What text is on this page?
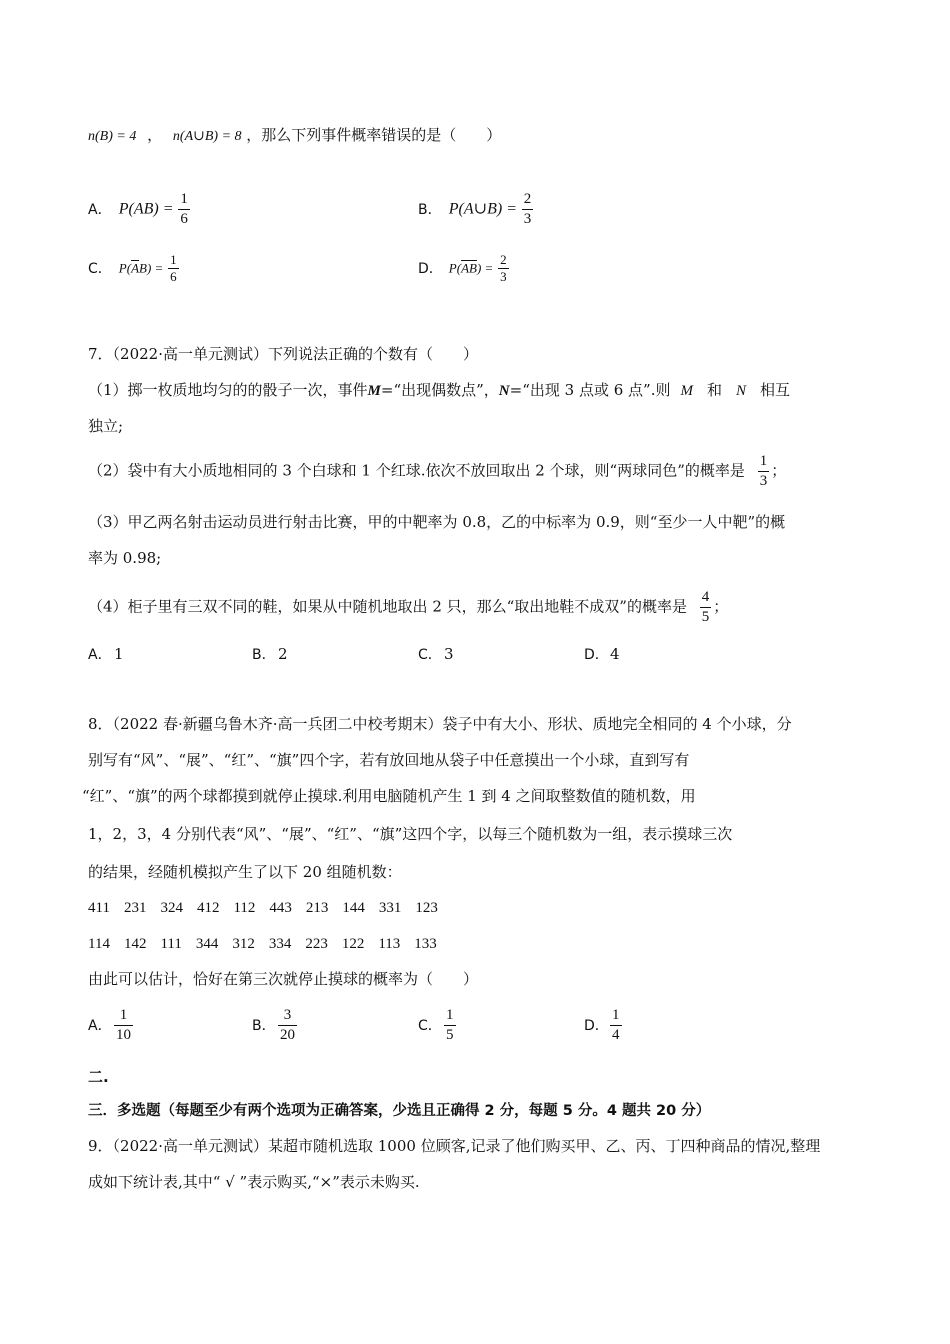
n(B) = 4 ， n(A∪B) = 8 ，那么下列事件概率错误的是（　　）
A． $P(AB) = \frac{1}{6}$	B． P(A∪B) = $\frac{2}{3}$
C． $P(\overline{A}B) = \frac{1}{6}$	D． $P(\overline{AB}) = \frac{2}{3}$
7．（2022·高一单元测试）下列说法正确的个数有（　　）
（1）掷一枚质地均匀的的骰子一次，事件M=“出现偶数点”，N=“出现 3 点或 6 点”.则 M 和 N 相互
独立;
（2）袋中有大小质地相同的 3 个白球和 1 个红球.依次不放回取出 2 个球，则“两球同色”的概率是 $\frac{1}{3}$ ；
（3）甲乙两名射击运动员进行射击比赛，甲的中靶率为 0.8，乙的中标率为 0.9，则“至少一人中靶”的概
率为 0.98;
（4）柜子里有三双不同的鞋，如果从中随机地取出 2 只，那么“取出地鞋不成双”的概率是 $\frac{4}{5}$ ；
A． 1	B． 2	C． 3	D．4
8．（2022 春·新疆乌鲁木齐·高一兵团二中校考期末）袋子中有大小、形状、质地完全相同的 4 个小球，分
别写有“风”、“展”、“红”、“旗”四个字，若有放回地从袋子中任意摸出一个小球，直到写有
“红”、“旗”的两个球都摸到就停止摸球.利用电脑随机产生 1 到 4 之间取整数值的随机数，用
1，2，3，4 分别代表“风”、“展”、“红”、“旗”这四个字，以每三个随机数为一组，表示摸球三次
的结果，经随机模拟产生了以下 20 组随机数：
411 231 324 412 112 443 213 144 331 123
114 142 111 344 312 334 223 122 113 133
由此可以估计，恰好在第三次就停止摸球的概率为（　　）
A． $\frac{1}{10}$	B． $\frac{3}{20}$	C． $\frac{1}{5}$	D． $\frac{1}{4}$
二.
三．多选题（每题至少有两个选项为正确答案，少选且正确得 2 分，每题 5 分。4 题共 20 分）
9．（2022·高一单元测试）某超市随机选取 1000 位顾客,记录了他们购买甲、乙、丙、丁四种商品的情况,整理
成如下统计表,其中“ √ ”表示购买,“×”表示未购买.
